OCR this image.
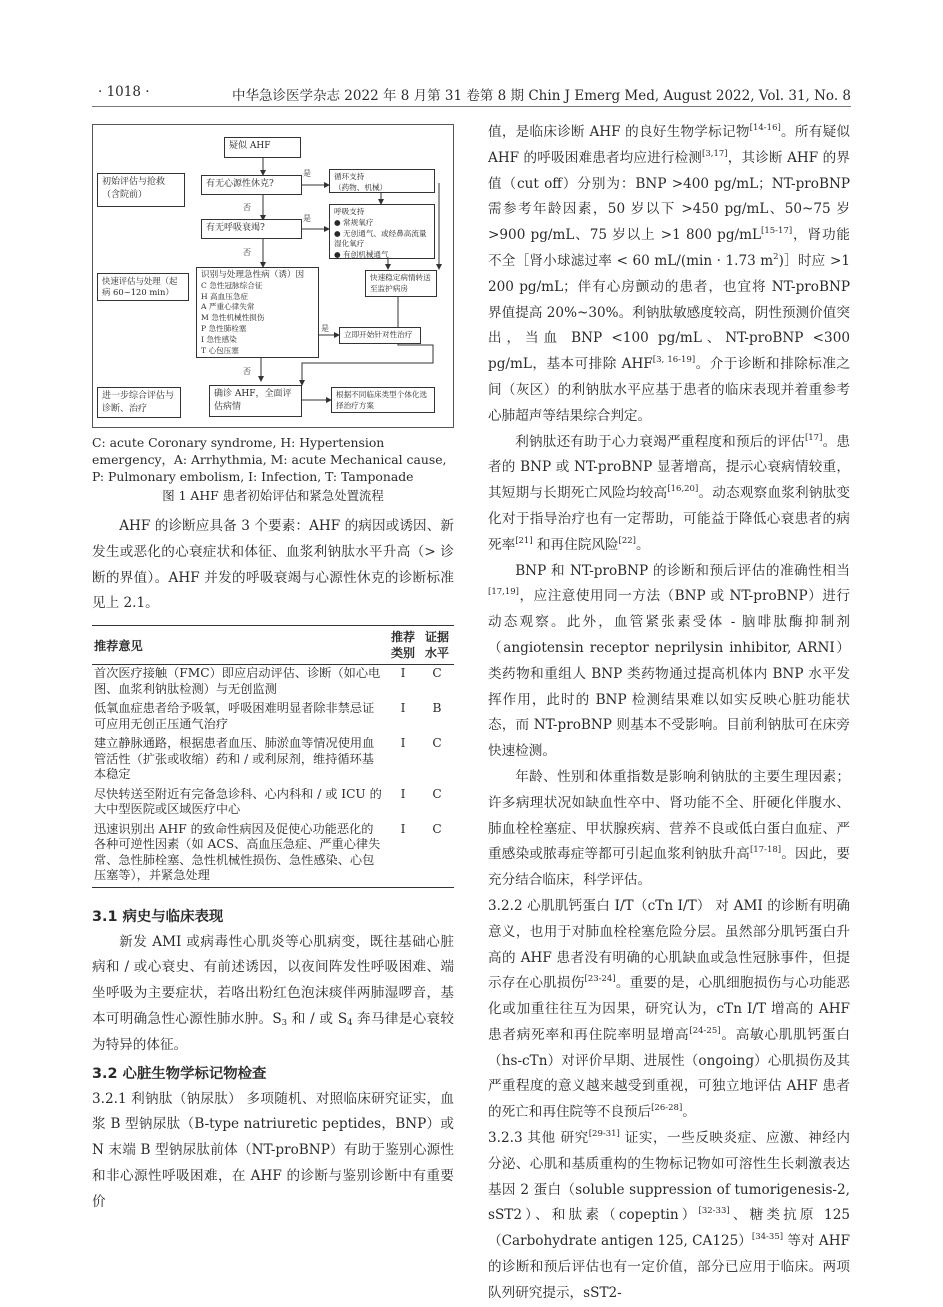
· 1018 ·	中华急诊医学杂志 2022 年 8 月第 31 卷第 8 期 Chin J Emerg Med, August 2022, Vol. 31, No. 8
疑似 AHF
初始评估与抢救（含院前）
有无心源性休克?
是	循环支持
（药物、机械）
否
有无呼吸衰竭?
是
呼吸支持
● 常规氧疗
● 无创通气、或经鼻高流量湿化氧疗
● 有创机械通气
否
快速评估与处理（起病 60~120 min）
识别与处理急性病（诱）因
C 急性冠脉综合征
H 高血压急症
A 严重心律失常
M 急性机械性损伤
P 急性肺栓塞
I 急性感染
T 心包压塞
快速稳定病情转送至监护病房
是
立即开始针对性治疗
否
进一步综合评估与诊断、治疗
确诊 AHF，全面评估病情
根据不同临床类型个体化选择治疗方案
C: acute Coronary syndrome, H: Hypertension emergency，A: Arrhythmia, M: acute Mechanical cause, P: Pulmonary embolism, I: Infection, T: Tamponade
图 1 AHF 患者初始评估和紧急处置流程

AHF 的诊断应具备 3 个要素：AHF 的病因或诱因、新发生或恶化的心衰症状和体征、血浆利钠肽水平升高（> 诊断的界值）。AHF 并发的呼吸衰竭与心源性休克的诊断标准见上 2.1。

推荐意见	推荐类别	证据水平
首次医疗接触（FMC）即应启动评估、诊断（如心电图、血浆利钠肽检测）与无创监测	Ⅰ	C
低氧血症患者给予吸氧，呼吸困难明显者除非禁忌证可应用无创正压通气治疗	Ⅰ	B
建立静脉通路，根据患者血压、肺淤血等情况使用血管活性（扩张或收缩）药和 / 或利尿剂，维持循环基本稳定	Ⅰ	C
尽快转送至附近有完备急诊科、心内科和 / 或 ICU 的大中型医院或区域医疗中心	Ⅰ	C
迅速识别出 AHF 的致命性病因及促使心功能恶化的各种可逆性因素（如 ACS、高血压急症、严重心律失常、急性肺栓塞、急性机械性损伤、急性感染、心包压塞等），并紧急处理	Ⅰ	C
3.1 病史与临床表现

新发 AMI 或病毒性心肌炎等心肌病变，既往基础心脏病和 / 或心衰史、有前述诱因，以夜间阵发性呼吸困难、端坐呼吸为主要症状，若咯出粉红色泡沫痰伴两肺湿啰音，基本可明确急性心源性肺水肿。$S_3$ 和 / 或 $S_4$ 奔马律是心衰较为特异的体征。

3.2 心脏生物学标记物检查

3.2.1 利钠肽（钠尿肽） 多项随机、对照临床研究证实，血浆 B 型钠尿肽（B-type natriuretic peptides，BNP）或 N 末端 B 型钠尿肽前体（NT-proBNP）有助于鉴别心源性和非心源性呼吸困难，在 AHF 的诊断与鉴别诊断中有重要价

值，是临床诊断 AHF 的良好生物学标记物[14-16]。所有疑似 AHF 的呼吸困难患者均应进行检测[3,17]，其诊断 AHF 的界值（cut off）分别为：BNP >400 pg/mL；NT-proBNP 需参考年龄因素，50 岁以下 >450 pg/mL、50~75 岁 >900 pg/mL、75 岁以上 >1 800 pg/mL[15-17]，肾功能不全［肾小球滤过率 < 60 mL/(min · 1.73 $m^2)]$时应 >1 200 pg/mL；伴有心房颤动的患者，也宜将 NT-proBNP 界值提高 20%~30%。利钠肽敏感度较高，阴性预测价值突出，当血 BNP <100 pg/mL、NT-proBNP <300 pg/mL，基本可排除 AHF[3, 16-19]。介于诊断和排除标准之间（灰区）的利钠肽水平应基于患者的临床表现并着重参考心肺超声等结果综合判定。

利钠肽还有助于心力衰竭严重程度和预后的评估[17]。患者的 BNP 或 NT-proBNP 显著增高，提示心衰病情较重，其短期与长期死亡风险均较高[16,20]。动态观察血浆利钠肽变化对于指导治疗也有一定帮助，可能益于降低心衰患者的病死率[21] 和再住院风险[22]。

BNP 和 NT-proBNP 的诊断和预后评估的准确性相当[17,19]，应注意使用同一方法（BNP 或 NT-proBNP）进行动态观察。此外，血管紧张素受体 - 脑啡肽酶抑制剂（angiotensin receptor neprilysin inhibitor, ARNI）类药物和重组人 BNP 类药物通过提高机体内 BNP 水平发挥作用，此时的 BNP 检测结果难以如实反映心脏功能状态，而 NT-proBNP 则基本不受影响。目前利钠肽可在床旁快速检测。

年龄、性别和体重指数是影响利钠肽的主要生理因素；许多病理状况如缺血性卒中、肾功能不全、肝硬化伴腹水、肺血栓栓塞症、甲状腺疾病、营养不良或低白蛋白血症、严重感染或脓毒症等都可引起血浆利钠肽升高[17-18]。因此，要充分结合临床，科学评估。

3.2.2 心肌肌钙蛋白 I/T（cTn I/T） 对 AMI 的诊断有明确意义，也用于对肺血栓栓塞危险分层。虽然部分肌钙蛋白升高的 AHF 患者没有明确的心肌缺血或急性冠脉事件，但提示存在心肌损伤[23-24]。重要的是，心肌细胞损伤与心功能恶化或加重往往互为因果，研究认为，cTn I/T 增高的 AHF 患者病死率和再住院率明显增高[24-25]。高敏心肌肌钙蛋白（hs-cTn）对评价早期、进展性（ongoing）心肌损伤及其严重程度的意义越来越受到重视，可独立地评估 AHF 患者的死亡和再住院等不良预后[26-28]。

3.2.3 其他 研究[29-31] 证实，一些反映炎症、应激、神经内分泌、心肌和基质重构的生物标记物如可溶性生长刺激表达基因 2 蛋白（soluble suppression of tumorigenesis-2, sST2）、和肽素（copeptin）[32-33]、糖类抗原 125（Carbohydrate antigen 125, CA125）[34-35] 等对 AHF 的诊断和预后评估也有一定价值，部分已应用于临床。两项队列研究提示，sST2-
